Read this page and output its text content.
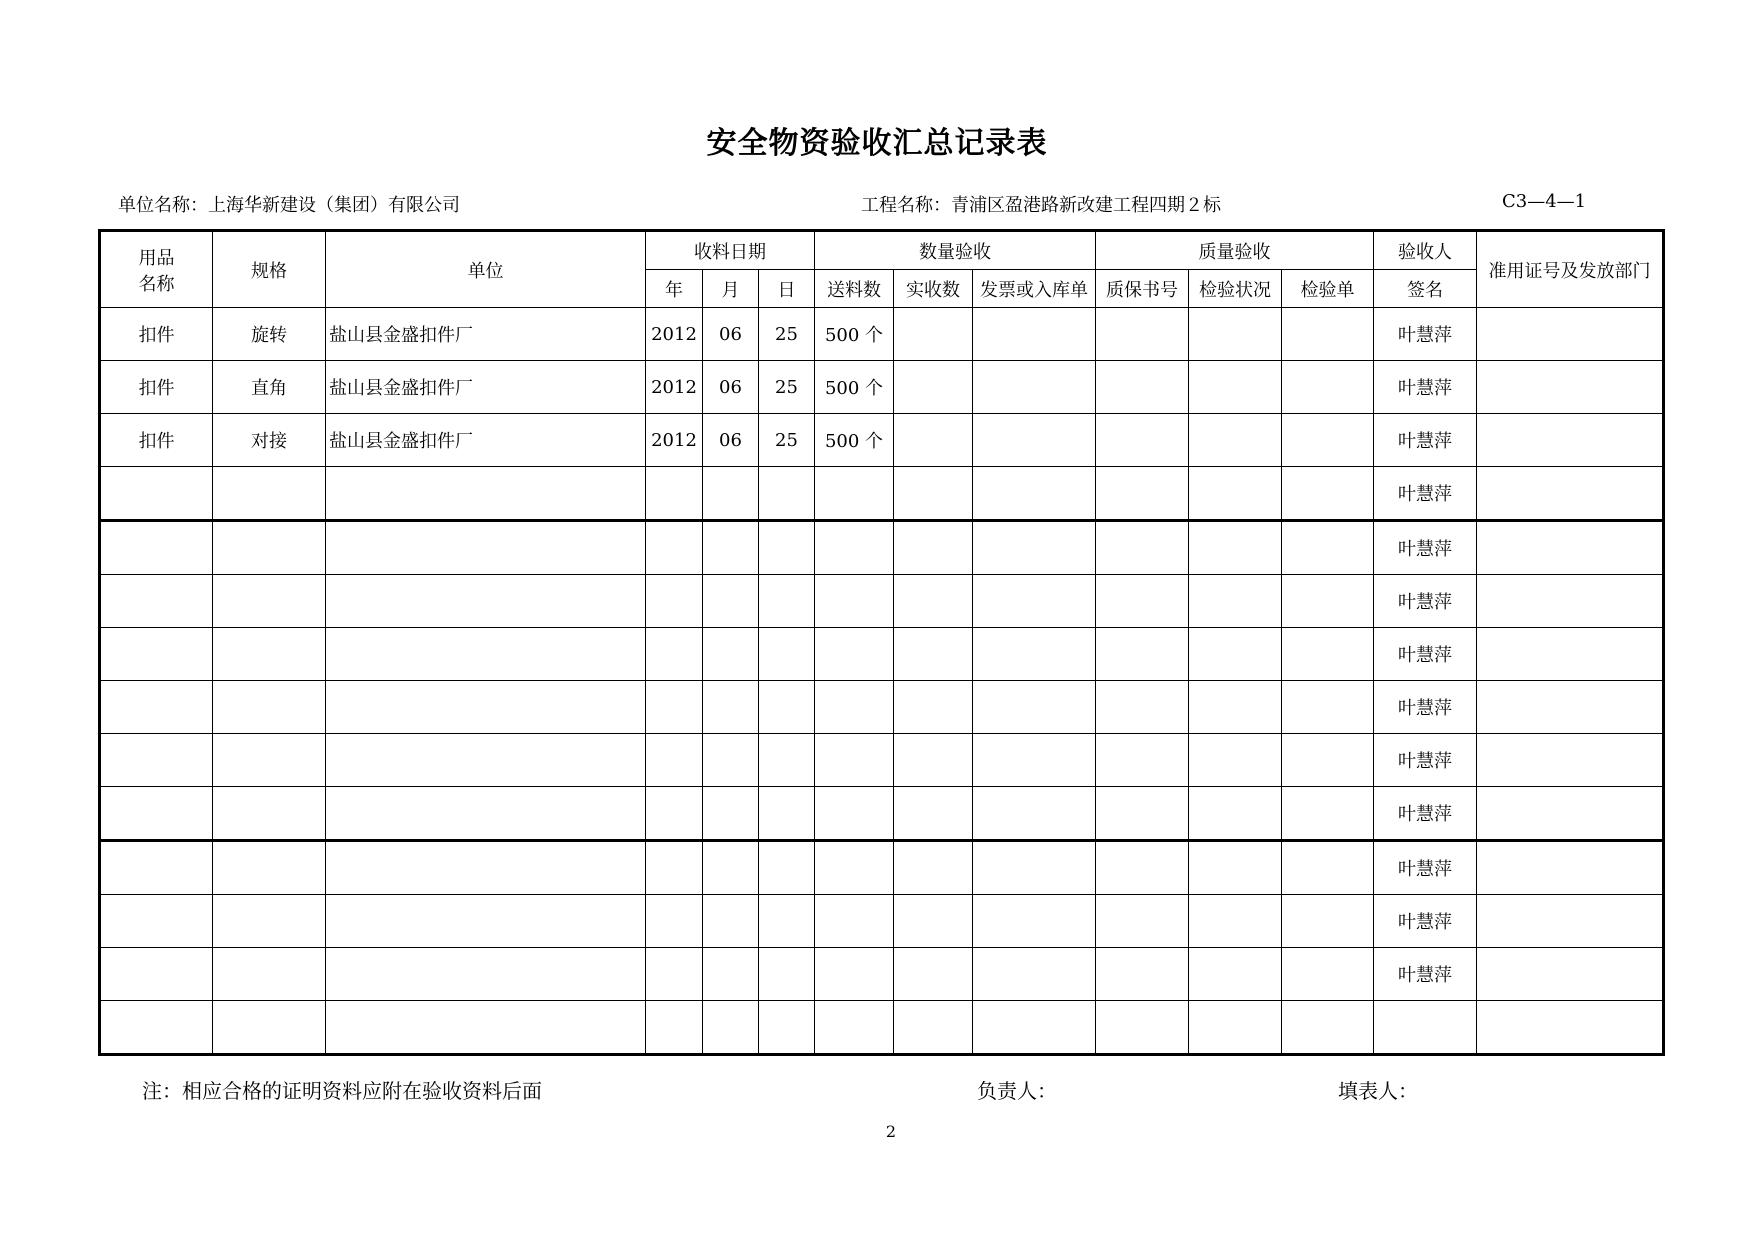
安全物资验收汇总记录表
单位名称：上海华新建设（集团）有限公司	工程名称：青浦区盈港路新改建工程四期２标	C3—4—1
用品
名称	规格	单位	收料日期			数量验收			质量验收			验收人	准用证号及发放部门
			年	月	日	送料数	实收数	发票或入库单	质保书号	检验状况	检验单	签名	
扣件	旋转	盐山县金盛扣件厂	2012	06	25	500 个						叶慧萍	
扣件	直角	盐山县金盛扣件厂	2012	06	25	500 个						叶慧萍	
扣件	对接	盐山县金盛扣件厂	2012	06	25	500 个						叶慧萍	
												叶慧萍	
												叶慧萍	
												叶慧萍	
												叶慧萍	
												叶慧萍	
												叶慧萍	
												叶慧萍	
												叶慧萍	
												叶慧萍	
												叶慧萍	

注：相应合格的证明资料应附在验收资料后面	负责人：	填表人：
2
